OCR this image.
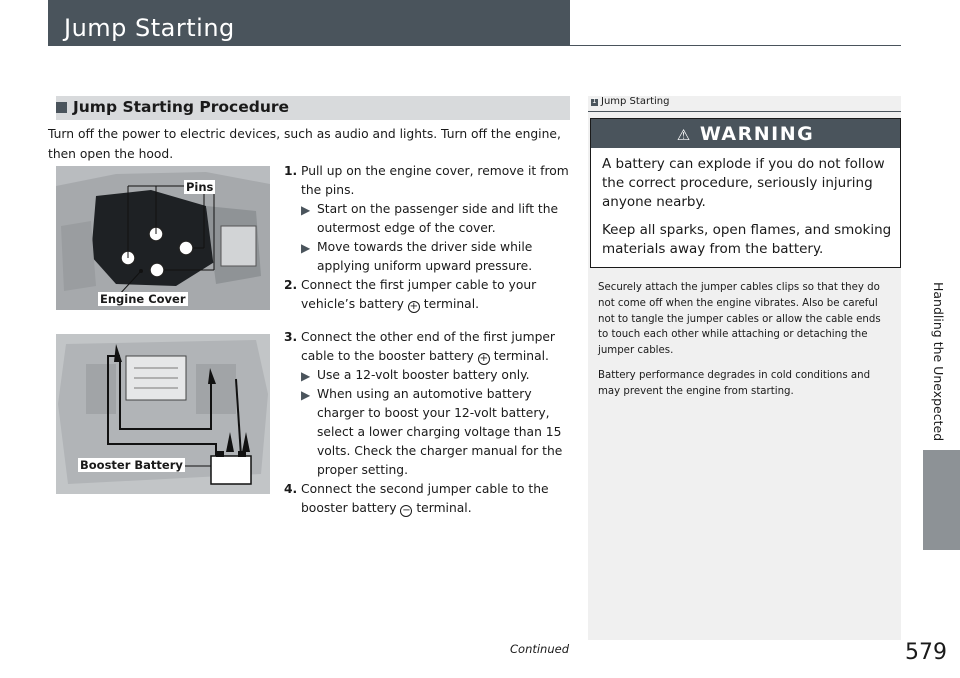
Jump Starting
Jump Starting Procedure
Turn off the power to electric devices, such as audio and lights. Turn off the engine, then open the hood.
Pins
Engine Cover
Booster Battery
1. Pull up on the engine cover, remove it from the pins.
▶ Start on the passenger side and lift the outermost edge of the cover.
▶ Move towards the driver side while applying uniform upward pressure.
2. Connect the first jumper cable to your vehicle’s battery + terminal.
3. Connect the other end of the first jumper cable to the booster battery + terminal.
▶ Use a 12-volt booster battery only.
▶ When using an automotive battery charger to boost your 12-volt battery, select a lower charging voltage than 15 volts. Check the charger manual for the proper setting.
4. Connect the second jumper cable to the booster battery − terminal.
1
Jump Starting
⚠ WARNING

A battery can explode if you do not follow the correct procedure, seriously injuring anyone nearby.

Keep all sparks, open flames, and smoking materials away from the battery.

Securely attach the jumper cables clips so that they do not come off when the engine vibrates. Also be careful not to tangle the jumper cables or allow the cable ends to touch each other while attaching or detaching the jumper cables.

Battery performance degrades in cold conditions and may prevent the engine from starting.	Handling the Unexpected
Continued	579
